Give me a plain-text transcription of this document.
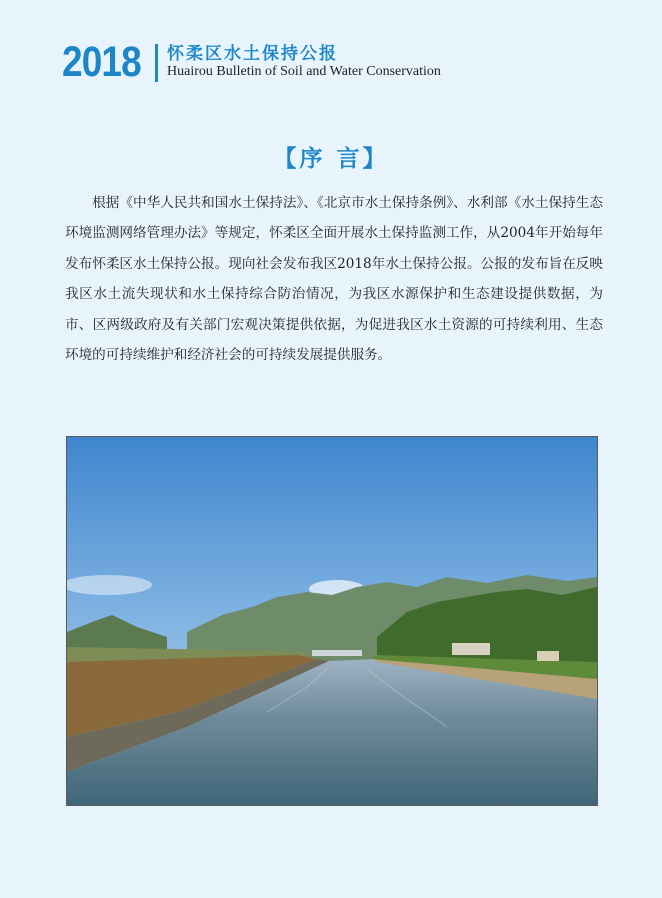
2018 怀柔区水土保持公报
Huairou Bulletin of Soil and Water Conservation
【序 言】

根据《中华人民共和国水土保持法》、《北京市水土保持条例》、水利部《水土保持生态环境监测网络管理办法》等规定，怀柔区全面开展水土保持监测工作，从2004年开始每年发布怀柔区水土保持公报。现向社会发布我区2018年水土保持公报。公报的发布旨在反映我区水土流失现状和水土保持综合防治情况，为我区水源保护和生态建设提供数据，为市、区两级政府及有关部门宏观决策提供依据，为促进我区水土资源的可持续利用、生态环境的可持续维护和经济社会的可持续发展提供服务。
